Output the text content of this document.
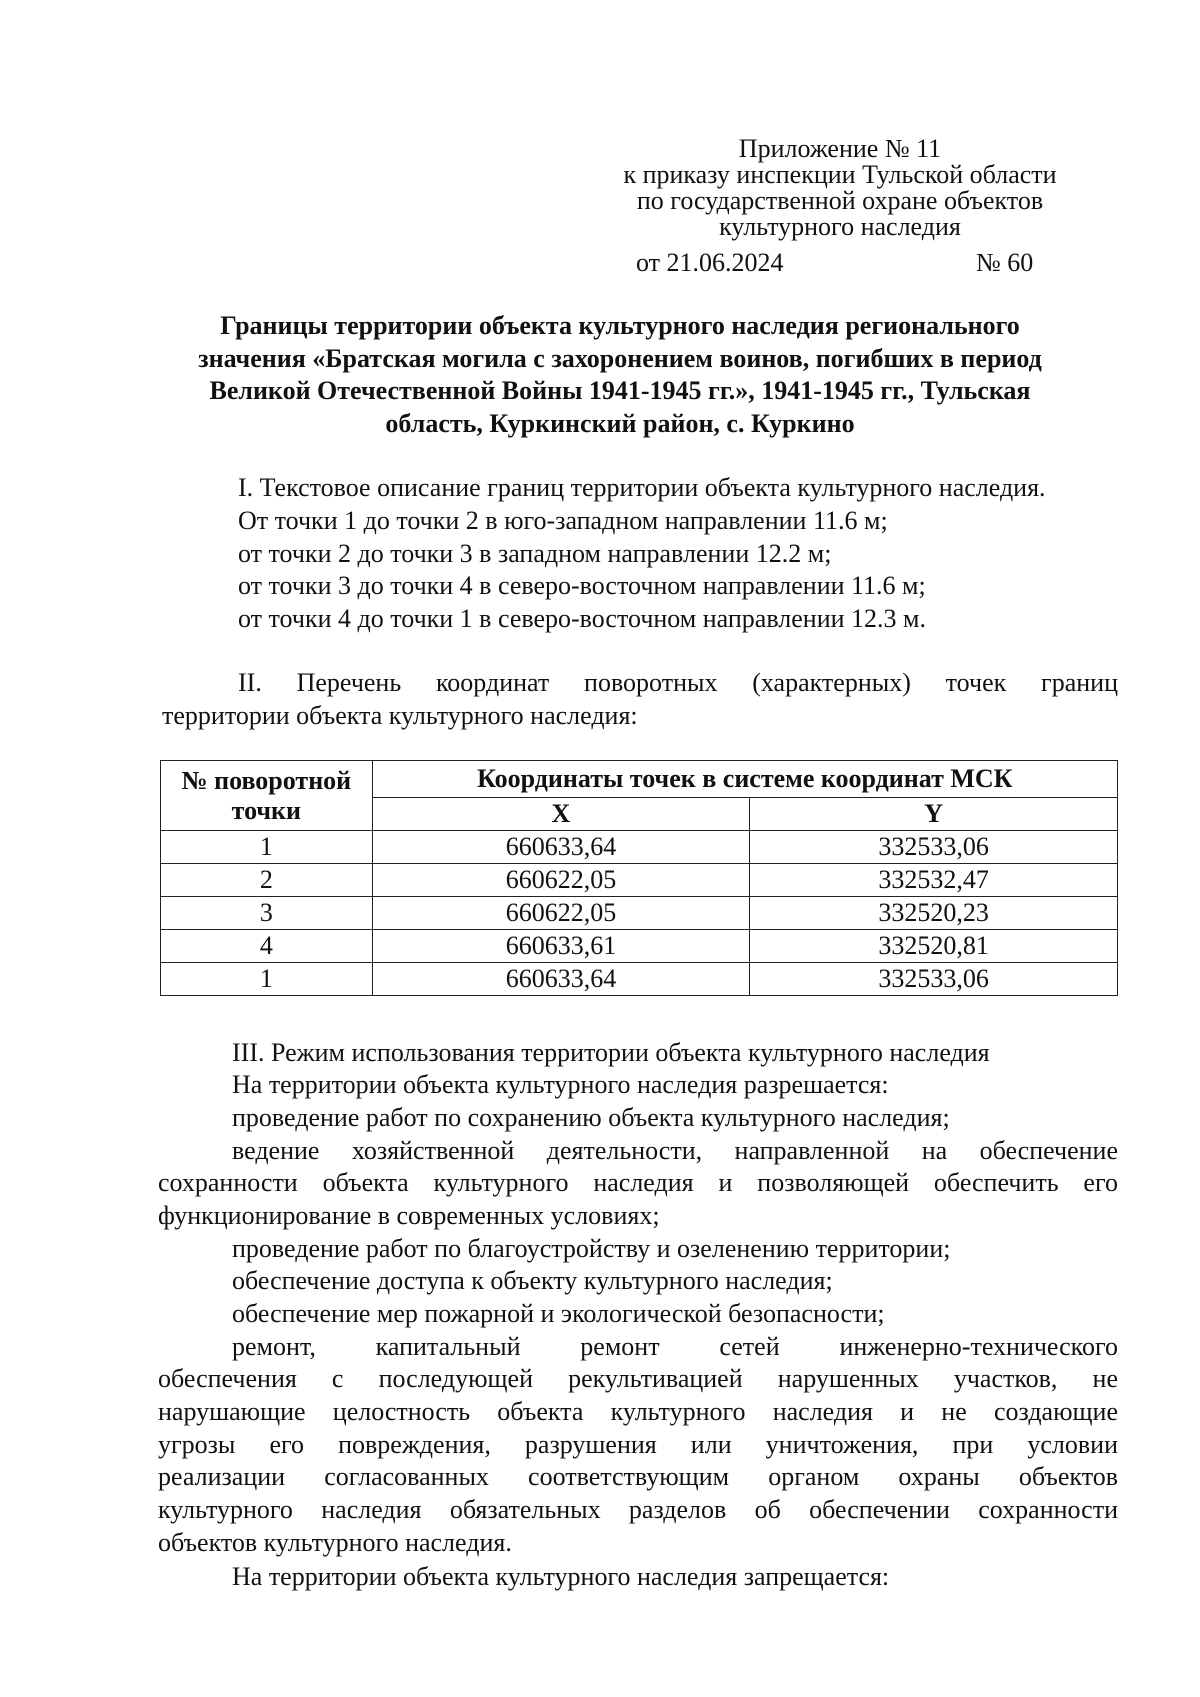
Приложение № 11
к приказу инспекции Тульской области
по государственной охране объектов
культурного наследия
от 21.06.2024	№ 60
Границы территории объекта культурного наследия регионального
значения «Братская могила с захоронением воинов, погибших в период
Великой Отечественной Войны 1941-1945 гг.», 1941-1945 гг., Тульская
область, Куркинский район, с. Куркино
I. Текстовое описание границ территории объекта культурного наследия.
От точки 1 до точки 2 в юго-западном направлении 11.6 м;
от точки 2 до точки 3 в западном направлении 12.2 м;
от точки 3 до точки 4 в северо-восточном направлении 11.6 м;
от точки 4 до точки 1 в северо-восточном направлении 12.3 м.
II. Перечень координат поворотных (характерных) точек границ
территории объекта культурного наследия:
№ поворотной
точки	Координаты точек в системе координат МСК	
	X	Y
1	660633,64	332533,06
2	660622,05	332532,47
3	660622,05	332520,23
4	660633,61	332520,81
1	660633,64	332533,06
III. Режим использования территории объекта культурного наследия
На территории объекта культурного наследия разрешается:
проведение работ по сохранению объекта культурного наследия;
ведение хозяйственной деятельности, направленной на обеспечение
сохранности объекта культурного наследия и позволяющей обеспечить его
функционирование в современных условиях;
проведение работ по благоустройству и озеленению территории;
обеспечение доступа к объекту культурного наследия;
обеспечение мер пожарной и экологической безопасности;
ремонт, капитальный ремонт сетей инженерно-технического
обеспечения с последующей рекультивацией нарушенных участков, не
нарушающие целостность объекта культурного наследия и не создающие
угрозы его повреждения, разрушения или уничтожения, при условии
реализации согласованных соответствующим органом охраны объектов
культурного наследия обязательных разделов об обеспечении сохранности
объектов культурного наследия.
На территории объекта культурного наследия запрещается:
